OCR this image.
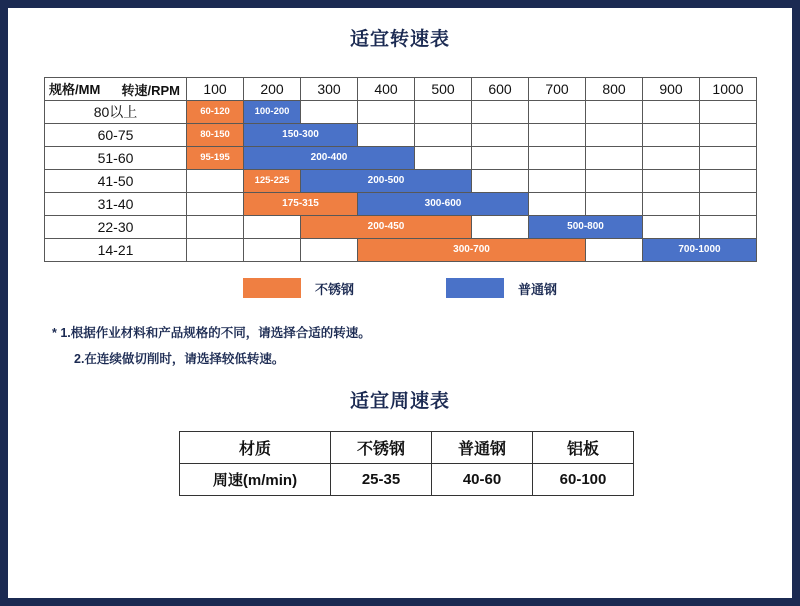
适宜转速表
转速/RPM
规格/MM	100	200	300	400	500	600	700	800	900	1000
80以上	60-120	100-200								
60-75	80-150	150-300								
51-60	95-195	200-400								
41-50		125-225	200-500							
31-40		175-315		300-600						
22-30			200-450				500-800			
14-21				300-700					700-1000	
不锈钢	普通钢
* 1.根据作业材料和产品规格的不同，请选择合适的转速。
2.在连续做切削时，请选择较低转速。
适宜周速表
材质	不锈钢	普通钢	铝板
周速(m/min)	25-35	40-60	60-100
